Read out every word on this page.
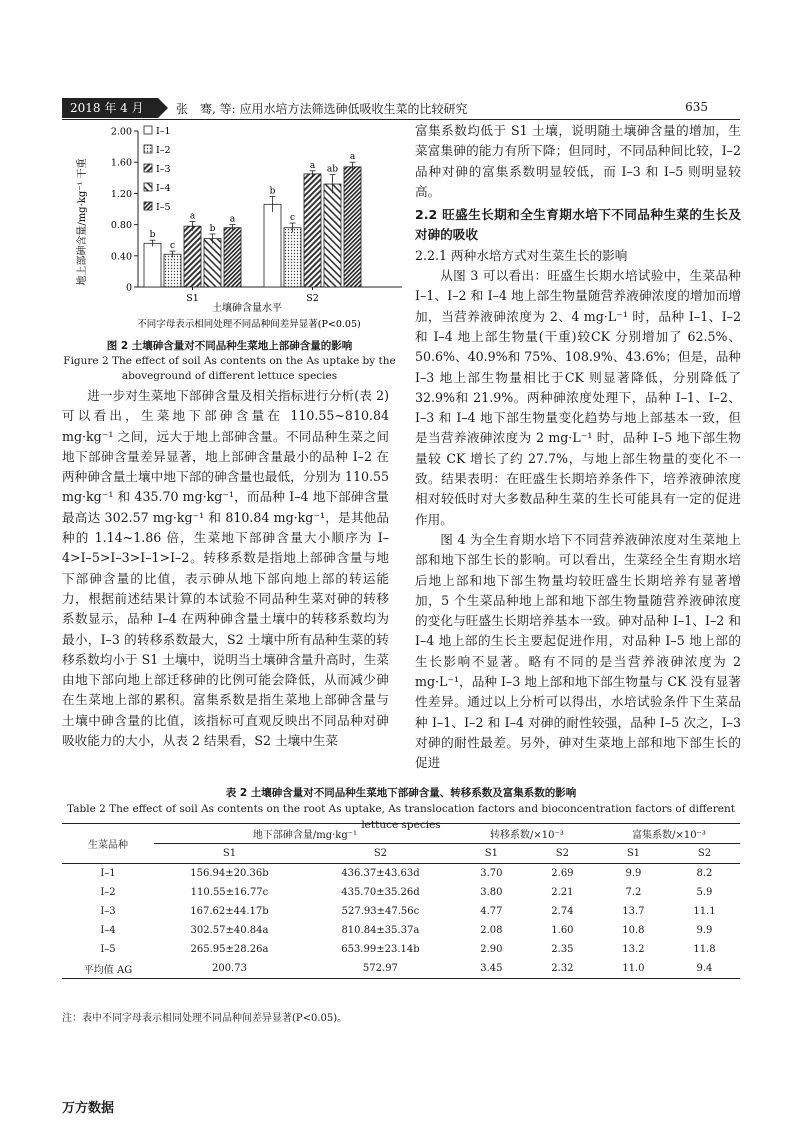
2018 年 4 月	张　骞, 等: 应用水培方法筛选砷低吸收生菜的比较研究	635
0
0.40
0.80
1.20
1.60
2.00
b
c
a
b
a
S1
b
c
a ab
a
S2
I–1
I–2
I–3
I–4
I–5
地上部砷含量/mg·kg⁻¹ 干重
土壤砷含量水平
不同字母表示相同处理不同品种间差异显著(P<0.05)
图 2 土壤砷含量对不同品种生菜地上部砷含量的影响
Figure 2 The effect of soil As contents on the As uptake by the
aboveground of different lettuce species

进一步对生菜地下部砷含量及相关指标进行分析(表 2)可以看出，生菜地下部砷含量在 110.55~810.84 mg·kg⁻¹ 之间，远大于地上部砷含量。不同品种生菜之间地下部砷含量差异显著，地上部砷含量最小的品种 I–2 在两种砷含量土壤中地下部的砷含量也最低，分别为 110.55 mg·kg⁻¹ 和 435.70 mg·kg⁻¹，而品种 I–4 地下部砷含量最高达 302.57 mg·kg⁻¹ 和 810.84 mg·kg⁻¹，是其他品种的 1.14~1.86 倍，生菜地下部砷含量大小顺序为 I–4>I–5>I–3>I–1>I–2。转移系数是指地上部砷含量与地下部砷含量的比值，表示砷从地下部向地上部的转运能力，根据前述结果计算的本试验不同品种生菜对砷的转移系数显示，品种 I–4 在两种砷含量土壤中的转移系数均为最小，I–3 的转移系数最大，S2 土壤中所有品种生菜的转移系数均小于 S1 土壤中，说明当土壤砷含量升高时，生菜由地下部向地上部迁移砷的比例可能会降低，从而减少砷在生菜地上部的累积。富集系数是指生菜地上部砷含量与土壤中砷含量的比值，该指标可直观反映出不同品种对砷吸收能力的大小，从表 2 结果看，S2 土壤中生菜

富集系数均低于 S1 土壤，说明随土壤砷含量的增加，生菜富集砷的能力有所下降；但同时，不同品种间比较，I–2 品种对砷的富集系数明显较低，而 I–3 和 I–5 则明显较高。

2.2 旺盛生长期和全生育期水培下不同品种生菜的生长及对砷的吸收
2.2.1 两种水培方式对生菜生长的影响

从图 3 可以看出：旺盛生长期水培试验中，生菜品种 I–1、I–2 和 I–4 地上部生物量随营养液砷浓度的增加而增加，当营养液砷浓度为 2、4 mg·L⁻¹ 时，品种 I–1、I–2 和 I–4 地上部生物量(干重)较CK 分别增加了 62.5%、50.6%、40.9%和 75%、108.9%、43.6%；但是，品种 I–3 地上部生物量相比于CK 则显著降低，分别降低了 32.9%和 21.9%。两种砷浓度处理下，品种 I–1、I–2、I–3 和 I–4 地下部生物量变化趋势与地上部基本一致，但是当营养液砷浓度为 2 mg·L⁻¹ 时，品种 I–5 地下部生物量较 CK 增长了约 27.7%，与地上部生物量的变化不一致。结果表明：在旺盛生长期培养条件下，培养液砷浓度相对较低时对大多数品种生菜的生长可能具有一定的促进作用。

图 4 为全生育期水培下不同营养液砷浓度对生菜地上部和地下部生长的影响。可以看出，生菜经全生育期水培后地上部和地下部生物量均较旺盛生长期培养有显著增加，5 个生菜品种地上部和地下部生物量随营养液砷浓度的变化与旺盛生长期培养基本一致。砷对品种 I–1、I–2 和 I–4 地上部的生长主要起促进作用，对品种 I–5 地上部的生长影响不显著。略有不同的是当营养液砷浓度为 2 mg·L⁻¹，品种 I–3 地上部和地下部生物量与 CK 没有显著性差异。通过以上分析可以得出，水培试验条件下生菜品种 I–1、I–2 和 I–4 对砷的耐性较强，品种 I–5 次之，I–3 对砷的耐性最差。另外，砷对生菜地上部和地下部生长的促进

表 2 土壤砷含量对不同品种生菜地下部砷含量、转移系数及富集系数的影响
Table 2 The effect of soil As contents on the root As uptake, As translocation factors and bioconcentration factors of different lettuce species
生菜品种	地下部砷含量/mg·kg⁻¹		转移系数/×10⁻³		富集系数/×10⁻³	
	S1	S2	S1	S2	S1	S2
I–1	156.94±20.36b	436.37±43.63d	3.70	2.69	9.9	8.2
I–2	110.55±16.77c	435.70±35.26d	3.80	2.21	7.2	5.9
I–3	167.62±44.17b	527.93±47.56c	4.77	2.74	13.7	11.1
I–4	302.57±40.84a	810.84±35.37a	2.08	1.60	10.8	9.9
I–5	265.95±28.26a	653.99±23.14b	2.90	2.35	13.2	11.8
平均值 AG	200.73	572.97	3.45	2.32	11.0	9.4
注：表中不同字母表示相同处理不同品种间差异显著(P<0.05)。
万方数据
